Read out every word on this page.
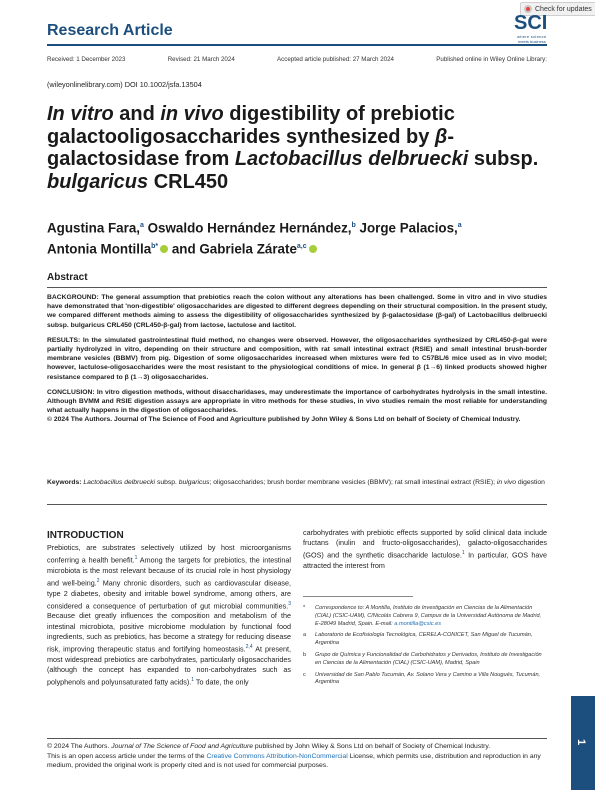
Check for updates
Research Article	SCI
where science
meets business
Received: 1 December 2023	Revised: 21 March 2024	Accepted article published: 27 March 2024	Published online in Wiley Online Library:
(wileyonlinelibrary.com) DOI 10.1002/jsfa.13504
In vitro and in vivo digestibility of prebiotic galactooligosaccharides synthesized by β-galactosidase from Lactobacillus delbruecki subsp. bulgaricus CRL450
Agustina Fara,$^a$ Oswaldo Hernández Hernández,$^b$ Jorge Palacios,$^a$
Antonia Montilla$^{b*}$ and Gabriela Zárate$^{a,c}$
Abstract

BACKGROUND: The general assumption that prebiotics reach the colon without any alterations has been challenged. Some in vitro and in vivo studies have demonstrated that 'non-digestible' oligosaccharides are digested to different degrees depending on their structural composition. In the present study, we compared different methods aiming to assess the digestibility of oligosaccharides synthesized by β-galactosidase (β-gal) of Lactobacillus delbruecki subsp. bulgaricus CRL450 (CRL450-β-gal) from lactose, lactulose and lactitol.

RESULTS: In the simulated gastrointestinal fluid method, no changes were observed. However, the oligosaccharides synthesized by CRL450-β-gal were partially hydrolyzed in vitro, depending on their structure and composition, with rat small intestinal extract (RSIE) and small intestinal brush-border membrane vesicles (BBMV) from pig. Digestion of some oligosaccharides increased when mixtures were fed to C57BL/6 mice used as in vivo model; however, lactulose-oligosaccharides were the most resistant to the physiological conditions of mice. In general β (1→6) linked products showed higher resistance compared to β (1→3) oligosaccharides.

CONCLUSION: In vitro digestion methods, without disaccharidases, may underestimate the importance of carbohydrates hydrolysis in the small intestine. Although BVMM and RSIE digestion assays are appropriate in vitro methods for these studies, in vivo studies remain the most reliable for understanding what actually happens in the digestion of oligosaccharides.

© 2024 The Authors. Journal of The Science of Food and Agriculture published by John Wiley & Sons Ltd on behalf of Society of Chemical Industry.

Keywords: Lactobacillus delbruecki subsp. bulgaricus; oligosaccharides; brush border membrane vesicles (BBMV); rat small intestinal extract (RSIE); in vivo digestion
INTRODUCTION
Prebiotics, are substrates selectively utilized by host microorganisms conferring a health benefit.$^1$ Among the targets for prebiotics, the intestinal microbiota is the most relevant because of its crucial role in host physiology and well-being.$^2$ Many chronic disorders, such as cardiovascular disease, type 2 diabetes, obesity and irritable bowel syndrome, among others, are considered a consequence of perturbation of gut microbial communities.$^3$ Because diet greatly influences the composition and metabolism of the intestinal microbiota, positive microbiome modulation by functional food ingredients, such as prebiotics, has become a strategy for reducing disease risk, improving therapeutic status and fortifying homeostasis.$^{2,4}$ At present, most widespread prebiotics are carbohydrates, particularly oligosaccharides (although the concept has expanded to non-carbohydrates such as polyphenols and polyunsaturated fatty acids).$^1$ To date, the only
carbohydrates with prebiotic effects supported by solid clinical data include fructans (inulin and fructo-oligosaccharides), galacto-oligosaccharides (GOS) and the synthetic disaccharide lactulose.$^1$ In particular, GOS have attracted the interest from
*	Correspondence to: A Montilla, Instituto de Investigación en Ciencias de la Alimentación (CIAL) (CSIC-UAM), C/Nicolás Cabrera 9, Campus de la Universidad Autónoma de Madrid, E-28049 Madrid, Spain. E-mail: a.montilla@csic.es
a	Laboratorio de Ecofisiología Tecnológica, CERELA-CONICET, San Miguel de Tucumán, Argentina
b	Grupo de Química y Funcionalidad de Carbohidratos y Derivados, Instituto de Investigación en Ciencias de la Alimentación (CIAL) (CSIC-UAM), Madrid, Spain
c	Universidad de San Pablo Tucumán, Av. Solano Vera y Camino a Villa Nougués, Tucumán, Argentina
© 2024 The Authors. Journal of The Science of Food and Agriculture published by John Wiley & Sons Ltd on behalf of Society of Chemical Industry.
This is an open access article under the terms of the Creative Commons Attribution-NonCommercial License, which permits use, distribution and reproduction in any medium, provided the original work is properly cited and is not used for commercial purposes.
1
